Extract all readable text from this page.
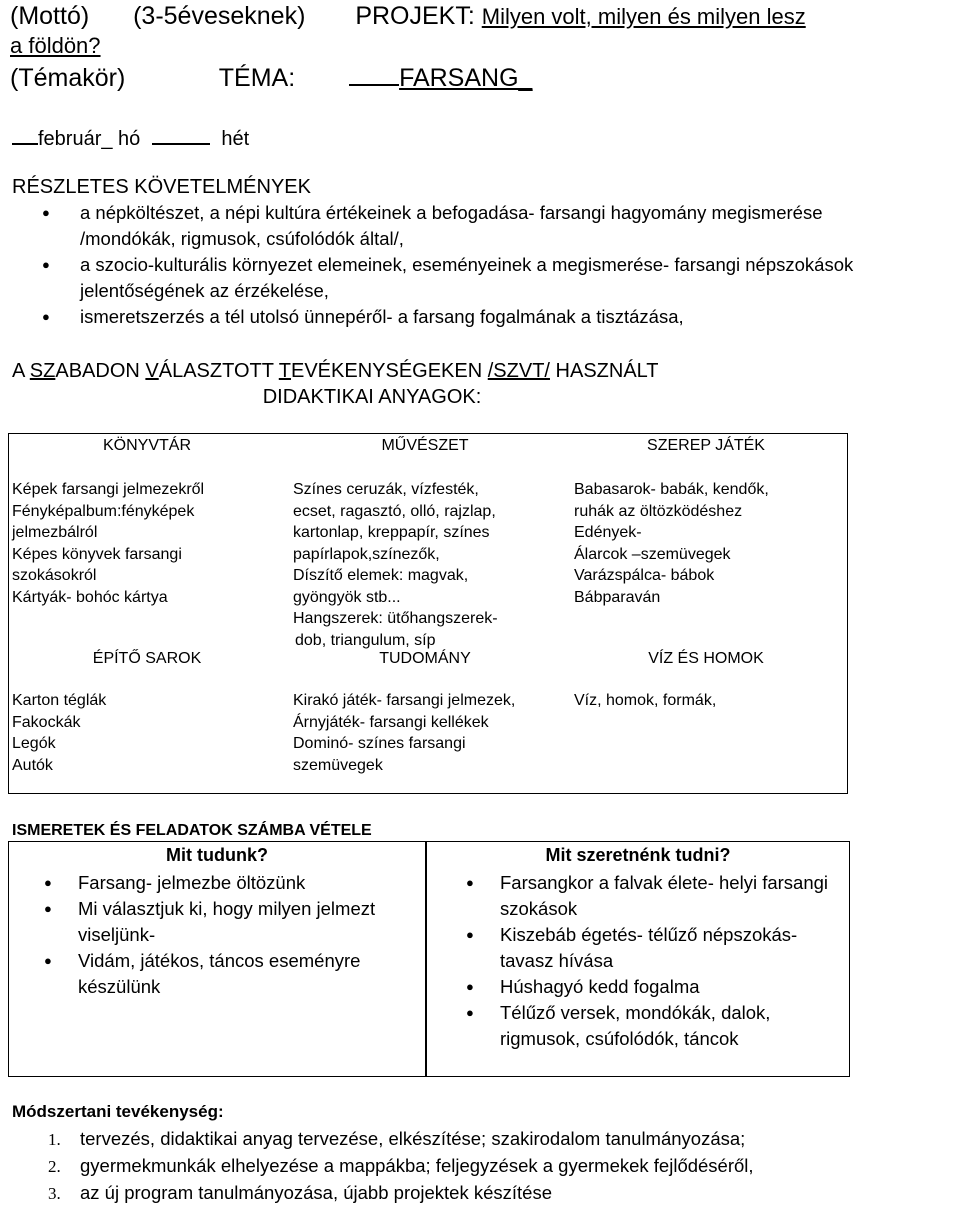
(Mottó) (3-5éveseknek) PROJEKT: Milyen volt, milyen és milyen lesz
a földön?
(Témakör)	TÉMA:	FARSANG_
február_ hó	hét
RÉSZLETES KÖVETELMÉNYEK
● a népköltészet, a népi kultúra értékeinek a befogadása- farsangi hagyomány megismerése /mondókák, rigmusok, csúfolódók által/,
● a szocio-kulturális környezet elemeinek, eseményeinek a megismerése- farsangi népszokások jelentőségének az érzékelése,
● ismeretszerzés a tél utolsó ünnepéről- a farsang fogalmának a tisztázása,
A SZABADON VÁLASZTOTT TEVÉKENYSÉGEKEN /SZVT/ HASZNÁLT
DIDAKTIKAI ANYAGOK:
KÖNYVTÁR
Képek farsangi jelmezekről
Fényképalbum:fényképek
jelmezbálról
Képes könyvek farsangi
szokásokról
Kártyák- bohóc kártya
MŰVÉSZET
Színes ceruzák, vízfesték,
ecset, ragasztó, olló, rajzlap,
kartonlap, kreppapír, színes
papírlapok,színezők,
Díszítő elemek: magvak,
gyöngyök stb...
Hangszerek: ütőhangszerek-
dob, triangulum, síp
SZEREP JÁTÉK
Babasarok- babák, kendők,
ruhák az öltözködéshez
Edények-
Álarcok –szemüvegek
Varázspálca- bábok
Bábparaván
ÉPÍTŐ SAROK
Karton téglák
Fakockák
Legók
Autók
TUDOMÁNY
Kirakó játék- farsangi jelmezek,
Árnyjáték- farsangi kellékek
Dominó- színes farsangi
szemüvegek
VÍZ ÉS HOMOK
Víz, homok, formák,
ISMERETEK ÉS FELADATOK SZÁMBA VÉTELE
Mit tudunk?
● Farsang- jelmezbe öltözünk
● Mi választjuk ki, hogy milyen jelmezt viseljünk-
● Vidám, játékos, táncos eseményre készülünk
Mit szeretnénk tudni?
● Farsangkor a falvak élete- helyi farsangi szokások
● Kiszebáb égetés- télűző népszokás- tavasz hívása
● Húshagyó kedd fogalma
● Télűző versek, mondókák, dalok, rigmusok, csúfolódók, táncok
Módszertani tevékenység:
1. tervezés, didaktikai anyag tervezése, elkészítése; szakirodalom tanulmányozása;
2. gyermekmunkák elhelyezése a mappákba; feljegyzések a gyermekek fejlődéséről,
3. az új program tanulmányozása, újabb projektek készítése
